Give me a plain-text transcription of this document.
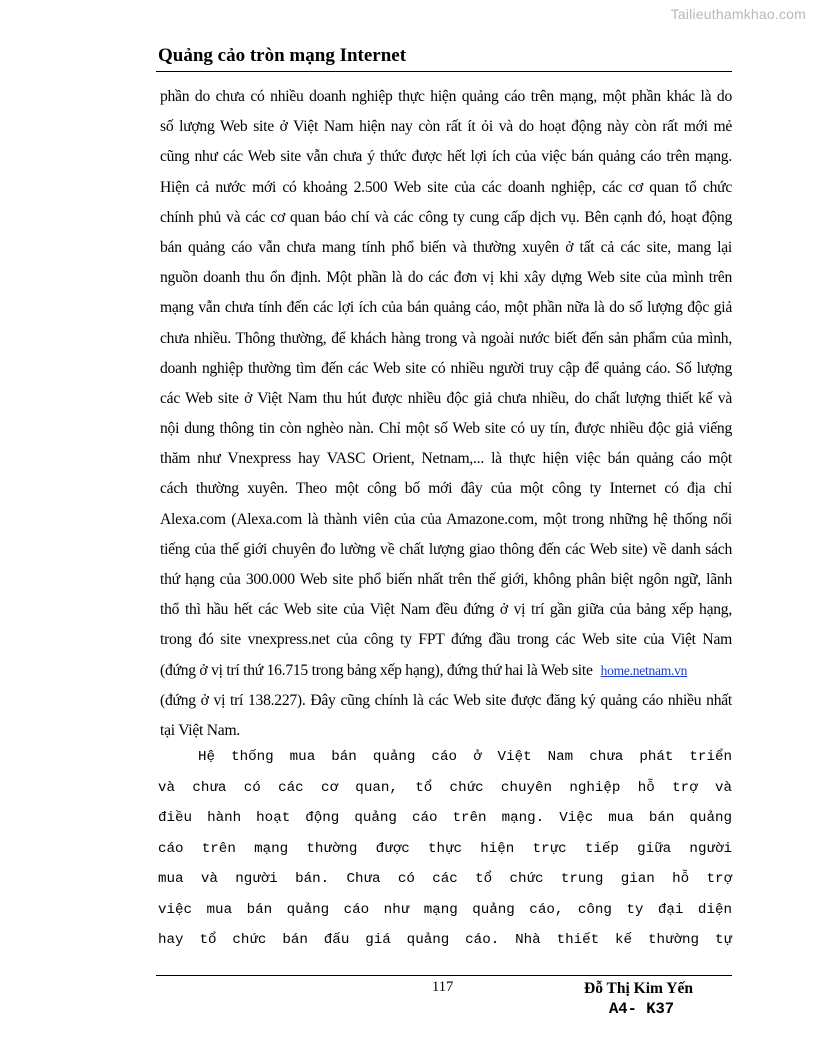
Tailieuthamkhao.com
Quảng cảo tròn mạng Internet
phần do chưa có nhiều doanh nghiệp thực hiện quảng cáo trên mạng, một phần khác là do
số lượng Web site ở Việt Nam hiện nay còn rất ít ỏi và do hoạt động này còn rất mới mẻ
cũng như các Web site vẫn chưa ý thức được hết lợi ích của việc bán quảng cáo trên mạng.
Hiện cả nước mới có khoảng 2.500 Web site của các doanh nghiệp, các cơ quan tổ chức
chính phủ và các cơ quan báo chí và các công ty cung cấp dịch vụ. Bên cạnh đó, hoạt động
bán quảng cáo vẫn chưa mang tính phổ biến và thường xuyên ở tất cả các site, mang lại
nguồn doanh thu ổn định. Một phần là do các đơn vị khi xây dựng Web site của mình trên
mạng vẫn chưa tính đến các lợi ích của bán quảng cáo, một phần nữa là do số lượng độc giả
chưa nhiều. Thông thường, để khách hàng trong và ngoài nước biết đến sản phẩm của mình,
doanh nghiệp thường tìm đến các Web site có nhiều người truy cập để quảng cáo. Số lượng
các Web site ở Việt Nam thu hút được nhiều độc giả chưa nhiều, do chất lượng thiết kế và
nội dung thông tin còn nghèo nàn. Chỉ một số Web site có uy tín, được nhiều độc giả viếng
thăm như Vnexpress hay VASC Orient, Netnam,... là thực hiện việc bán quảng cáo một
cách thường xuyên. Theo một công bố mới đây của một công ty Internet có địa chỉ
Alexa.com (Alexa.com là thành viên của của Amazone.com, một trong những hệ thống nổi
tiếng của thế giới chuyên đo lường về chất lượng giao thông đến các Web site) về danh sách
thứ hạng của 300.000 Web site phổ biến nhất trên thế giới, không phân biệt ngôn ngữ, lãnh
thổ thì hầu hết các Web site của Việt Nam đều đứng ở vị trí gần giữa của bảng xếp hạng,
trong đó site vnexpress.net của công ty FPT đứng đầu trong các Web site của Việt Nam
(đứng ở vị trí thứ 16.715 trong bảng xếp hạng), đứng thứ hai là Web site home.netnam.vn
(đứng ở vị trí 138.227). Đây cũng chính là các Web site được đăng ký quảng cáo nhiều nhất
tại Việt Nam.
Hệ thống mua bán quảng cáo ở Việt Nam chưa phát triển
và chưa có các cơ quan, tổ chức chuyên nghiệp hỗ trợ và
điều hành hoạt động quảng cáo trên mạng. Việc mua bán quảng
cáo trên mạng thường được thực hiện trực tiếp giữa người
mua và người bán. Chưa có các tổ chức trung gian hỗ trợ
việc mua bán quảng cáo như mạng quảng cáo, công ty đại diện
hay tổ chức bán đấu giá quảng cáo. Nhà thiết kế thường tự
117	Đỗ Thị Kim Yến
A4- K37
